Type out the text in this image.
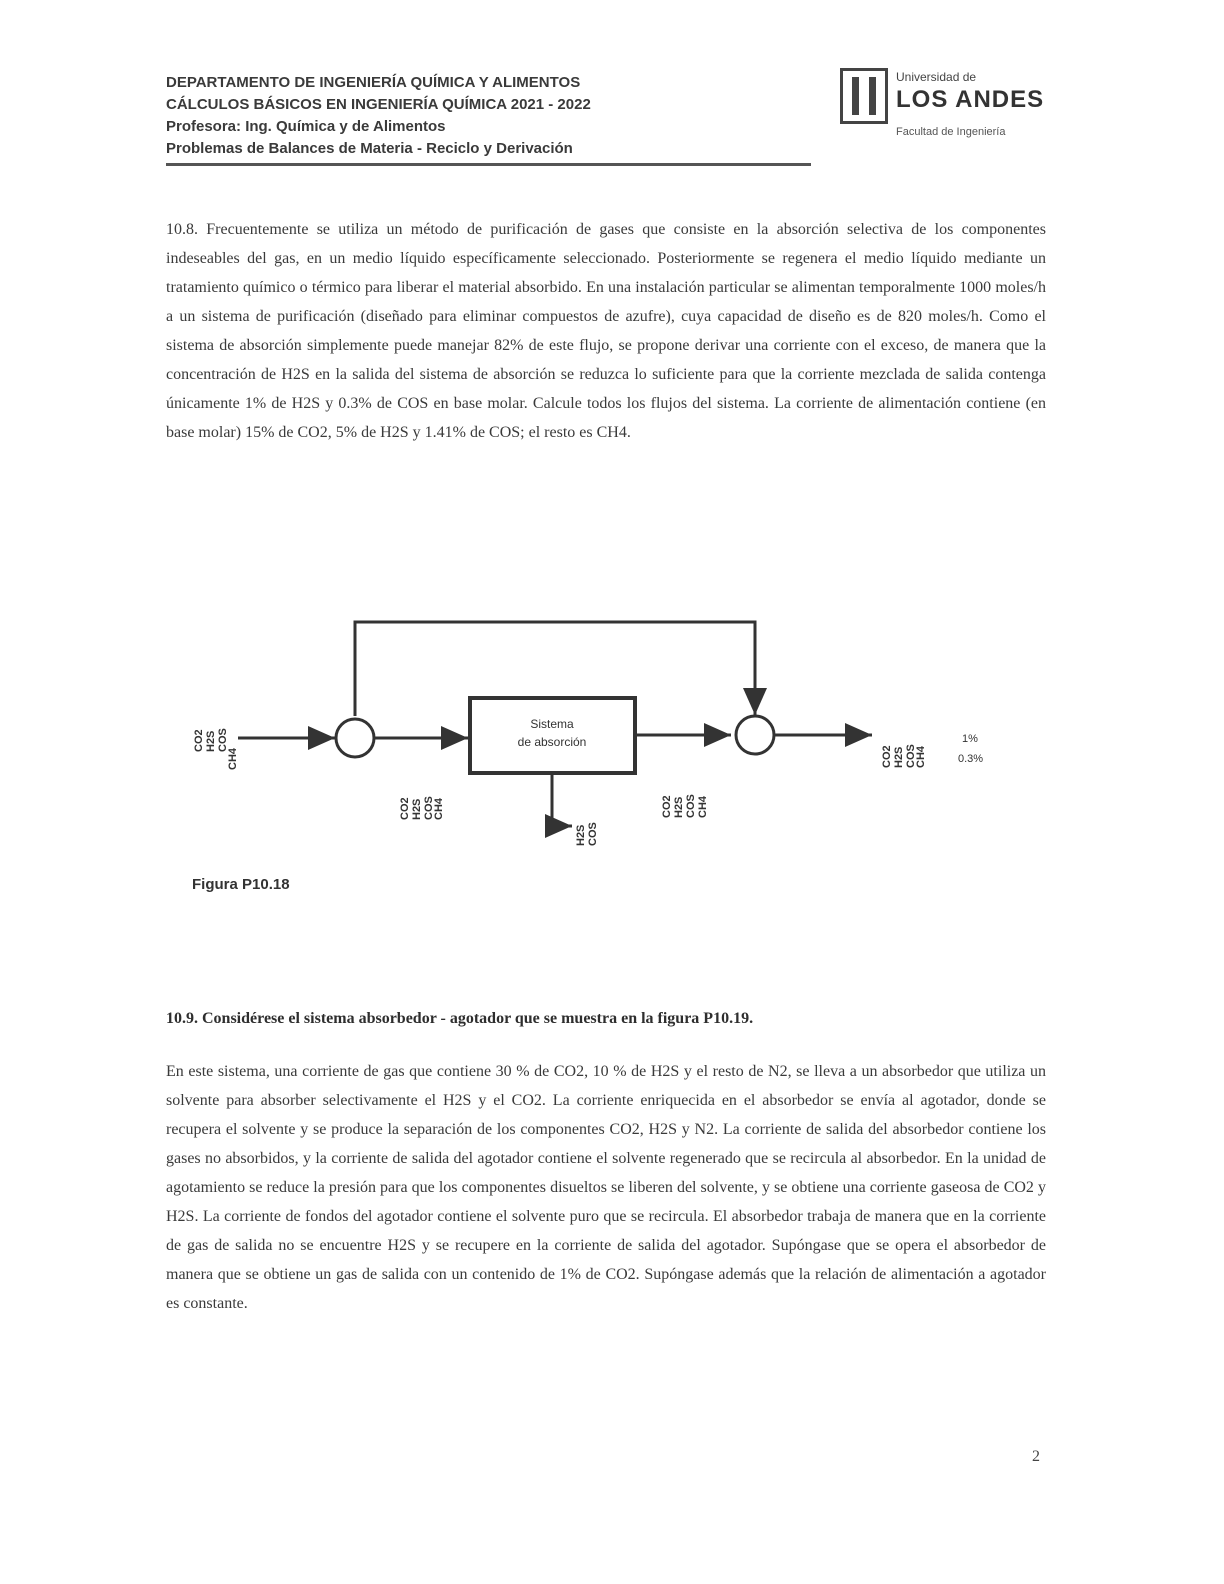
DEPARTAMENTO DE INGENIERÍA QUÍMICA Y ALIMENTOS
CÁLCULOS BÁSICOS EN INGENIERÍA QUÍMICA 2021 - 2022
Profesora: Ing. Química y de Alimentos
Problemas de Balances de Materia - Reciclo y Derivación
Universidad de
LOS ANDES
Facultad de Ingeniería
10.8. Frecuentemente se utiliza un método de purificación de gases que consiste en la absorción selectiva de los componentes indeseables del gas, en un medio líquido específicamente seleccionado. Posteriormente se regenera el medio líquido mediante un tratamiento químico o térmico para liberar el material absorbido. En una instalación particular se alimentan temporalmente 1000 moles/h a un sistema de purificación (diseñado para eliminar compuestos de azufre), cuya capacidad de diseño es de 820 moles/h. Como el sistema de absorción simplemente puede manejar 82% de este flujo, se propone derivar una corriente con el exceso, de manera que la concentración de H2S en la salida del sistema de absorción se reduzca lo suficiente para que la corriente mezclada de salida contenga únicamente 1% de H2S y 0.3% de COS en base molar. Calcule todos los flujos del sistema. La corriente de alimentación contiene (en base molar) 15% de CO2, 5% de H2S y 1.41% de COS; el resto es CH4.
Sistema
de absorción
CO2 H2S COS
CH4
CO2 H2S COS
CH4	CO2 H2S COS CH4
H2S COS
CO2 H2S COS
CH4
1%
0.3%
Figura P10.18
10.9. Considérese el sistema absorbedor - agotador que se muestra en la figura P10.19.
En este sistema, una corriente de gas que contiene 30 % de CO2, 10 % de H2S y el resto de N2, se lleva a un absorbedor que utiliza un solvente para absorber selectivamente el H2S y el CO2. La corriente enriquecida en el absorbedor se envía al agotador, donde se recupera el solvente y se produce la separación de los componentes CO2, H2S y N2. La corriente de salida del absorbedor contiene los gases no absorbidos, y la corriente de salida del agotador contiene el solvente regenerado que se recircula al absorbedor. En la unidad de agotamiento se reduce la presión para que los componentes disueltos se liberen del solvente, y se obtiene una corriente gaseosa de CO2 y H2S. La corriente de fondos del agotador contiene el solvente puro que se recircula. El absorbedor trabaja de manera que en la corriente de gas de salida no se encuentre H2S y se recupere en la corriente de salida del agotador. Supóngase que se opera el absorbedor de manera que se obtiene un gas de salida con un contenido de 1% de CO2. Supóngase además que la relación de alimentación a agotador es constante.
2
